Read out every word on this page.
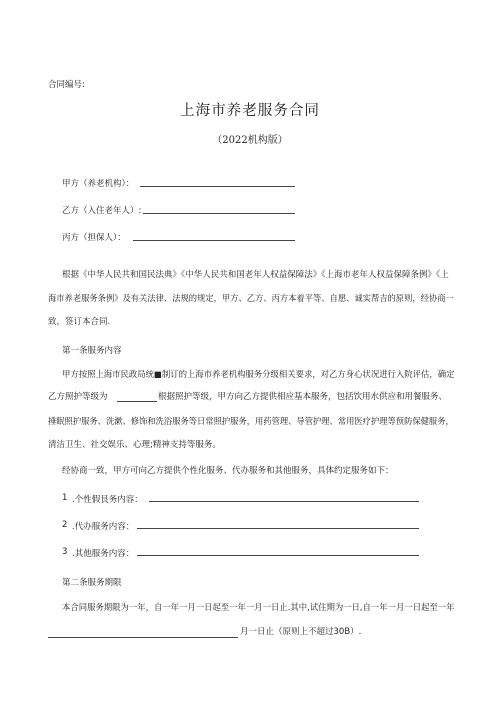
合同编号:
上海市养老服务合同
（2022机构版）
甲方（养老机构）：
乙方（入住老年人）:
丙方（担保人）：
根据《中华人民共和国民法典》《中华人民共和国老年人权益保障法》《上海市老年人权益保障条例》《上
海市养老服务条例》及有关法律、法规的规定，甲方、乙方、丙方本着平等、自愿、诚实帮吉的原则，经协商一
致，签订本合同.
第一条服务内容
甲方按照上海市民政局统■制订的上海市养老机构服务分级相关要求，对乙方身心状况进行入院评估，确定
乙方照护等级为	根据照护等级，甲方向乙方提供相应基本服务，包括饮用水供应和用餐服务、
捶眠照护服务、洗漱、修饰和洗浴服务等日常照护服务，用药管理、导管护理、常用医疗护理等预防保健服务，
清洁卫生、社交娱乐、心理;精神支持等服务。
经协商一致，甲方可向乙方提供个性化服务、代办服务和其他服务，具体约定服务如下：
1 .个性假艮务内容：
2 .代办服务内容：
3 .其他服务内容：
第二条服务期限
本合同服务期限为一年，自一年一月一日起至一年一月一日止.其中,试住期为一日,自一年一月一日起至一年
月一日止（原则上不超过30B）.
